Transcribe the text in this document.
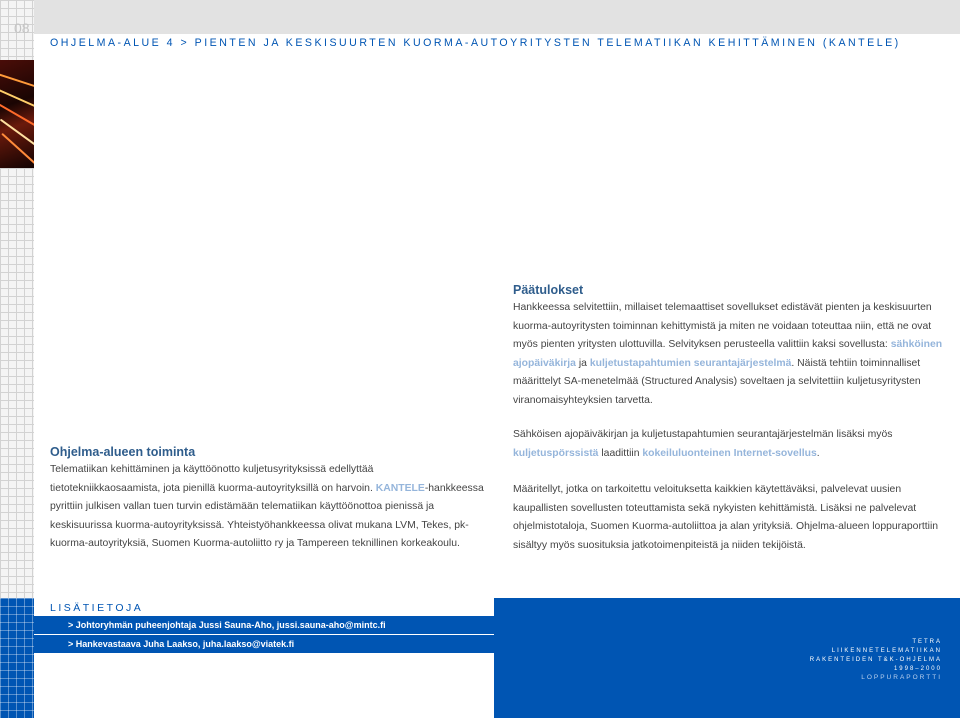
08
OHJELMA-ALUE 4 > PIENTEN JA KESKISUURTEN KUORMA-AUTOYRITYSTEN TELEMATIIKAN KEHITTÄMINEN (KANTELE)
Päätulokset

Hankkeessa selvitettiin, millaiset telemaattiset sovellukset edistävät pienten ja keskisuurten kuorma-autoyritysten toiminnan kehittymistä ja miten ne voidaan toteuttaa niin, että ne ovat myös pienten yritysten ulottuvilla. Selvityksen perusteella valittiin kaksi sovellusta: sähköinen ajopäiväkirja ja kuljetustapahtumien seurantajärjestelmä. Näistä tehtiin toiminnalliset määrittelyt SA-menetelmää (Structured Analysis) soveltaen ja selvitettiin kuljetusyritysten viranomaisyhteyksien tarvetta.

Sähköisen ajopäiväkirjan ja kuljetustapahtumien seurantajärjestelmän lisäksi myös kuljetuspörssistä laadittiin kokeiluluonteinen Internet-sovellus.

Määritellyt, jotka on tarkoitettu veloituksetta kaikkien käytettäväksi, palvelevat uusien kaupallisten sovellusten toteuttamista sekä nykyisten kehittämistä. Lisäksi ne palvelevat ohjelmistotaloja, Suomen Kuorma-autoliittoa ja alan yrityksiä. Ohjelma-alueen loppuraporttiin sisältyy myös suosituksia jatkotoimenpiteistä ja niiden tekijöistä.

Ohjelma-alueen toiminta

Telematiikan kehittäminen ja käyttöönotto kuljetusyrityksissä edellyttää tietotekniikkaosaamista, jota pienillä kuorma-autoyrityksillä on harvoin. KANTELE-hankkeessa pyrittiin julkisen vallan tuen turvin edistämään telematiikan käyttöönottoa pienissä ja keskisuurissa kuorma-autoyrityksissä. Yhteistyöhankkeessa olivat mukana LVM, Tekes, pk-kuorma-autoyrityksiä, Suomen Kuorma-autoliitto ry ja Tampereen teknillinen korkeakoulu.

LISÄTIETOJA
> Johtoryhmän puheenjohtaja Jussi Sauna-Aho, jussi.sauna-aho@mintc.fi
> Hankevastaava Juha Laakso, juha.laakso@viatek.fi	TETRA
LIIKENNETELEMATIIKAN
RAKENTEIDEN T&K-OHJELMA
1998–2000
LOPPURAPORTTI
